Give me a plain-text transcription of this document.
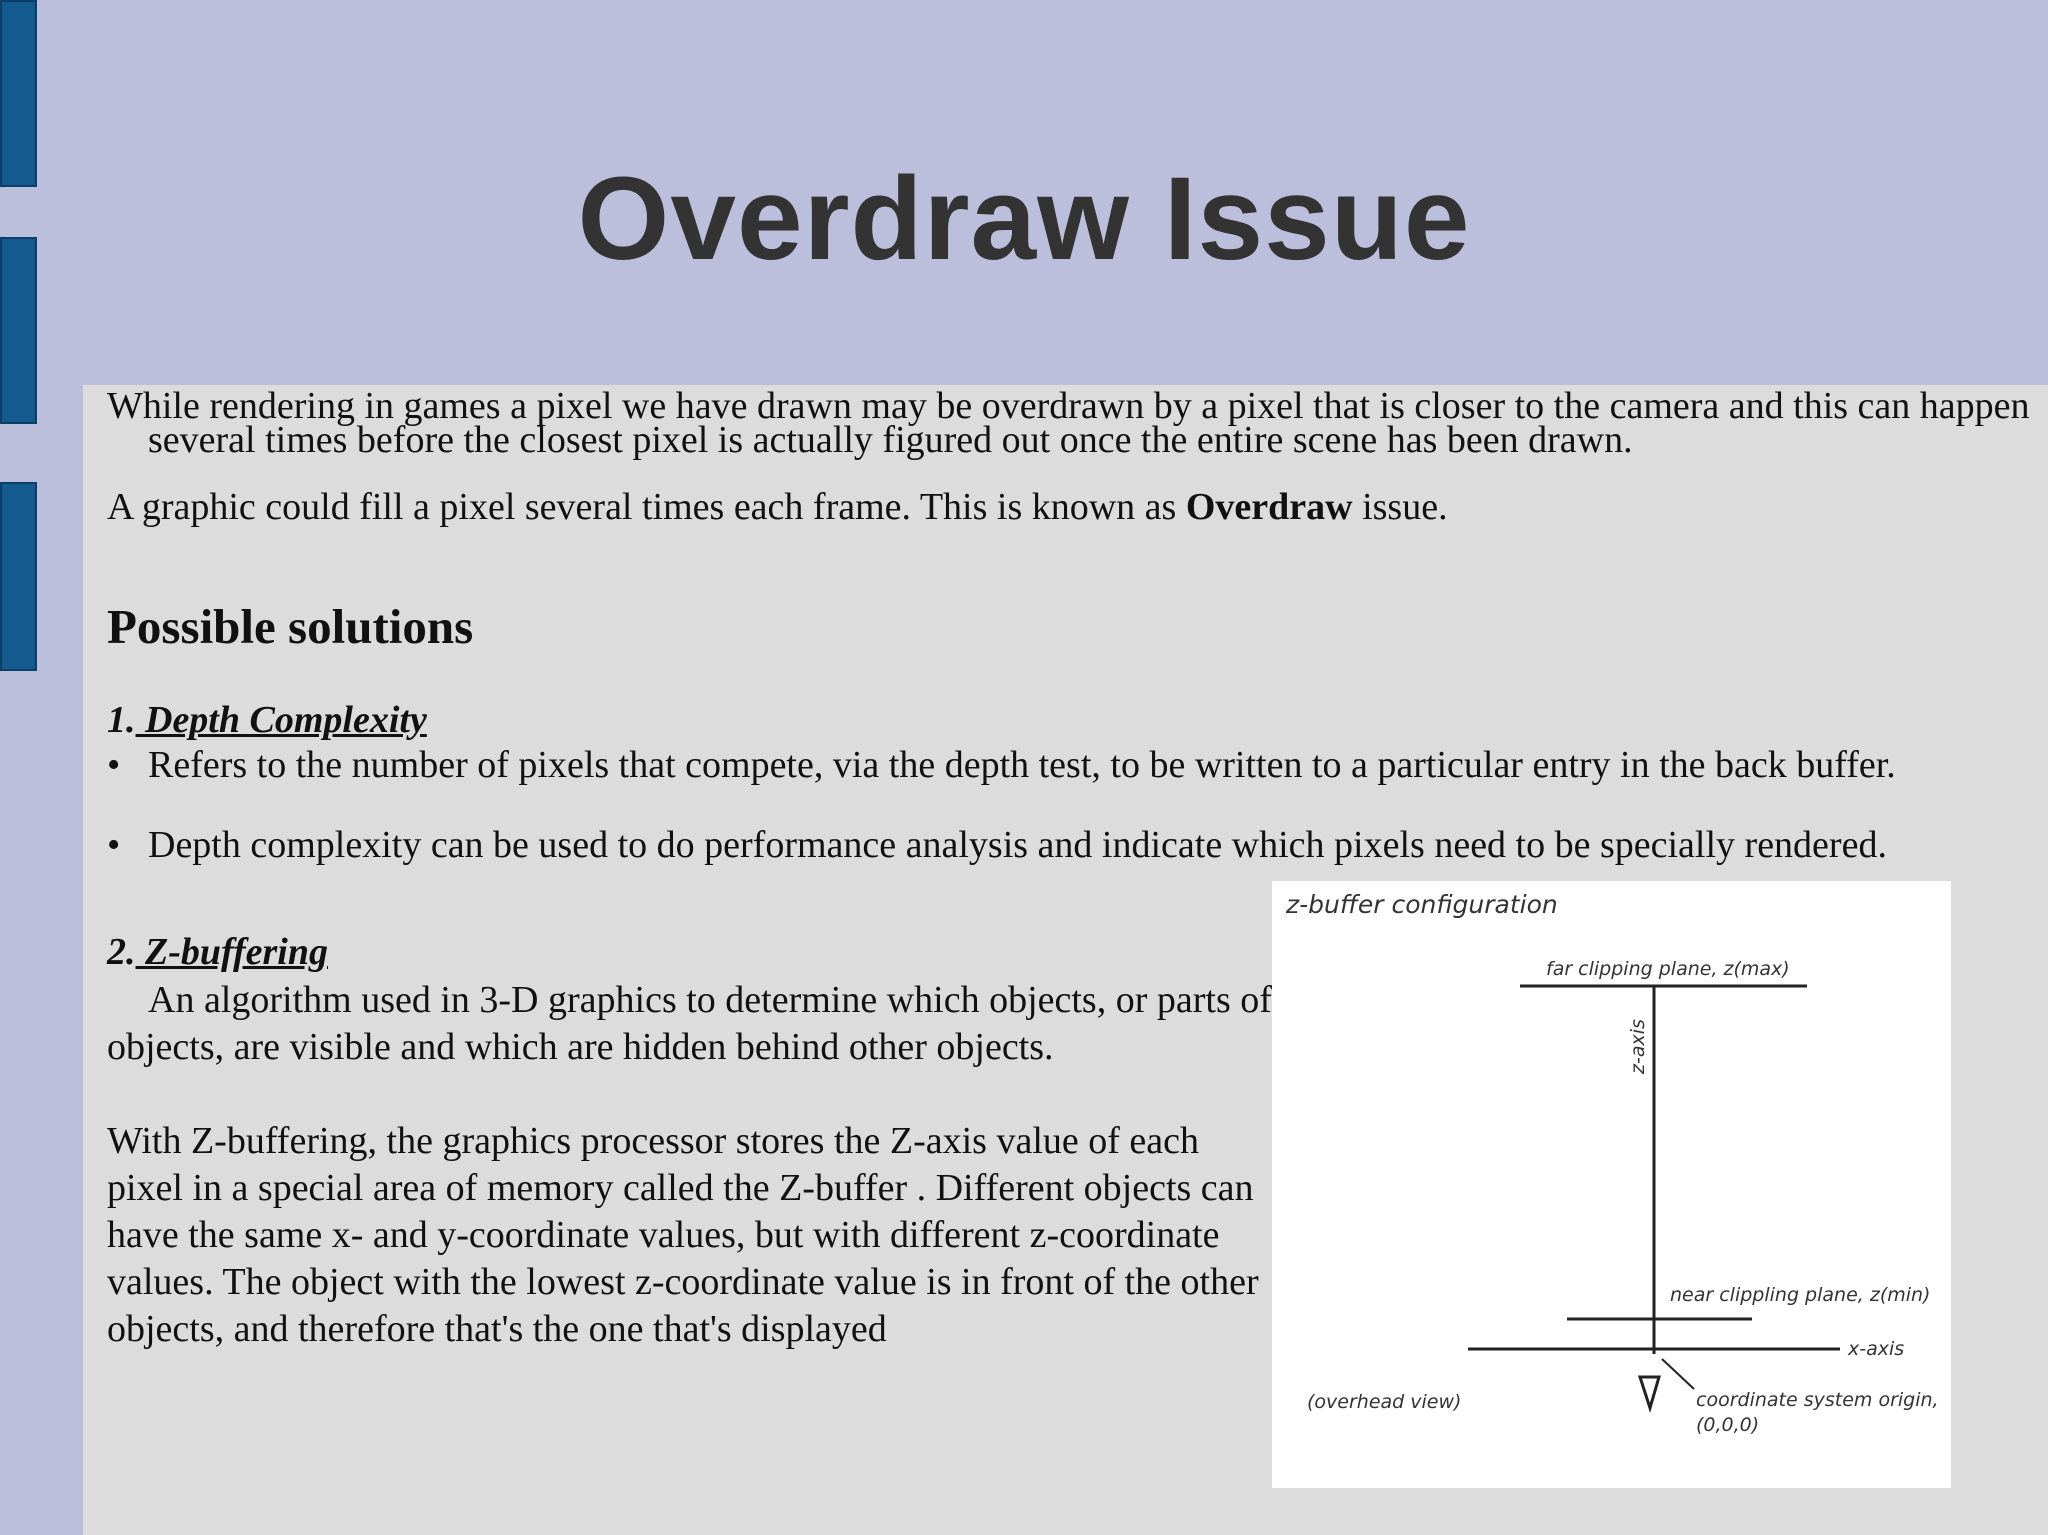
Overdraw Issue

While rendering in games a pixel we have drawn may be overdrawn by a pixel that is closer to the camera and this can happen several times before the closest pixel is actually figured out once the entire scene has been drawn.

A graphic could fill a pixel several times each frame. This is known as Overdraw issue.

Possible solutions
1. Depth Complexity
• Refers to the number of pixels that compete, via the depth test, to be written to a particular entry in the back buffer.
• Depth complexity can be used to do performance analysis and indicate which pixels need to be specially rendered.
2. Z-buffering
An algorithm used in 3-D graphics to determine which objects, or parts of objects, are visible and which are hidden behind other objects.
With Z-buffering, the graphics processor stores the Z-axis value of each pixel in a special area of memory called the Z-buffer . Different objects can have the same x- and y-coordinate values, but with different z-coordinate values. The object with the lowest z-coordinate value is in front of the other objects, and therefore that's the one that's displayed
z-buffer configuration
far clipping plane, z(max)
z-axis
near clippling plane, z(min)
x-axis
(overhead view)	coordinate system origin,
(0,0,0)
